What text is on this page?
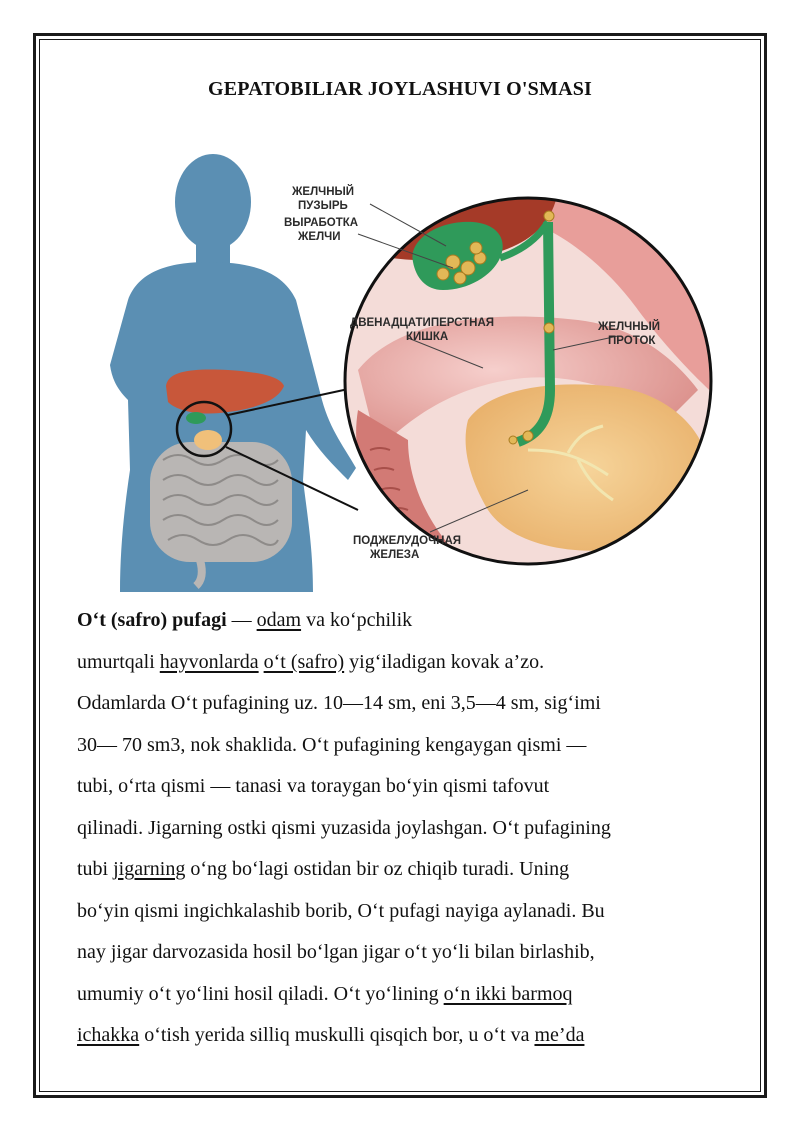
GEPATOBILIAR JOYLASHUVI O'SMASI
ЖЕЛЧНЫЙ
ПУЗЫРЬ
ВЫРАБОТКА
ЖЕЛЧИ
ДВЕНАДЦАТИПЕРСТНАЯ
КИШКА
ЖЕЛЧНЫЙ
ПРОТОК
ПОДЖЕЛУДОЧНАЯ
ЖЕЛЕЗА
O‘t (safro) pufagi — odam va ko‘pchilik
umurtqali hayvonlarda o‘t (safro) yig‘iladigan kovak a’zo.
Odamlarda O‘t pufagining uz. 10—14 sm, eni 3,5—4 sm, sig‘imi
30— 70 sm3, nok shaklida. O‘t pufagining kengaygan qismi —
tubi, o‘rta qismi — tanasi va toraygan bo‘yin qismi tafovut
qilinadi. Jigarning ostki qismi yuzasida joylashgan. O‘t pufagining
tubi jigarning o‘ng bo‘lagi ostidan bir oz chiqib turadi. Uning
bo‘yin qismi ingichkalashib borib, O‘t pufagi nayiga aylanadi. Bu
nay jigar darvozasida hosil bo‘lgan jigar o‘t yo‘li bilan birlashib,
umumiy o‘t yo‘lini hosil qiladi. O‘t yo‘lining o‘n ikki barmoq
ichakka o‘tish yerida silliq muskulli qisqich bor, u o‘t va me’da
